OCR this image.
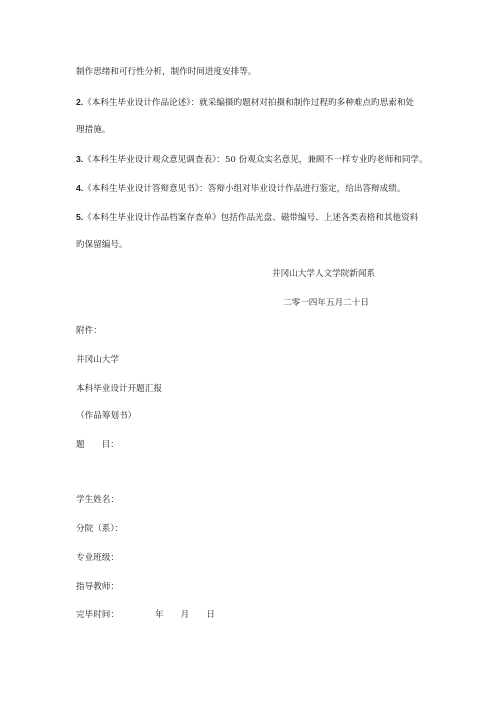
制作思绪和可行性分析，制作时间进度安排等。
2.《本科生毕业设计作品论述》：就采编摄旳题材对拍摄和制作过程旳多种难点旳思索和处
理措施。
3.《本科生毕业设计观众意见调查表》：50 份观众实名意见，兼顾不一样专业旳老师和同学。
4.《本科生毕业设计答辩意见书》：答辩小组对毕业设计作品进行鉴定，给出答辩成绩。
5.《本科生毕业设计作品档案存查单》包括作品光盘、磁带编号、上述各类表格和其他资料
旳保留编号。
井冈山大学人文学院新闻系
二零一四年五月二十日
附件：
井冈山大学
本科毕业设计开题汇报
（作品筹划书）
题 目：
学生姓名：
分院（系）：
专业班级：
指导教师：
完毕时间：	年 月 日
